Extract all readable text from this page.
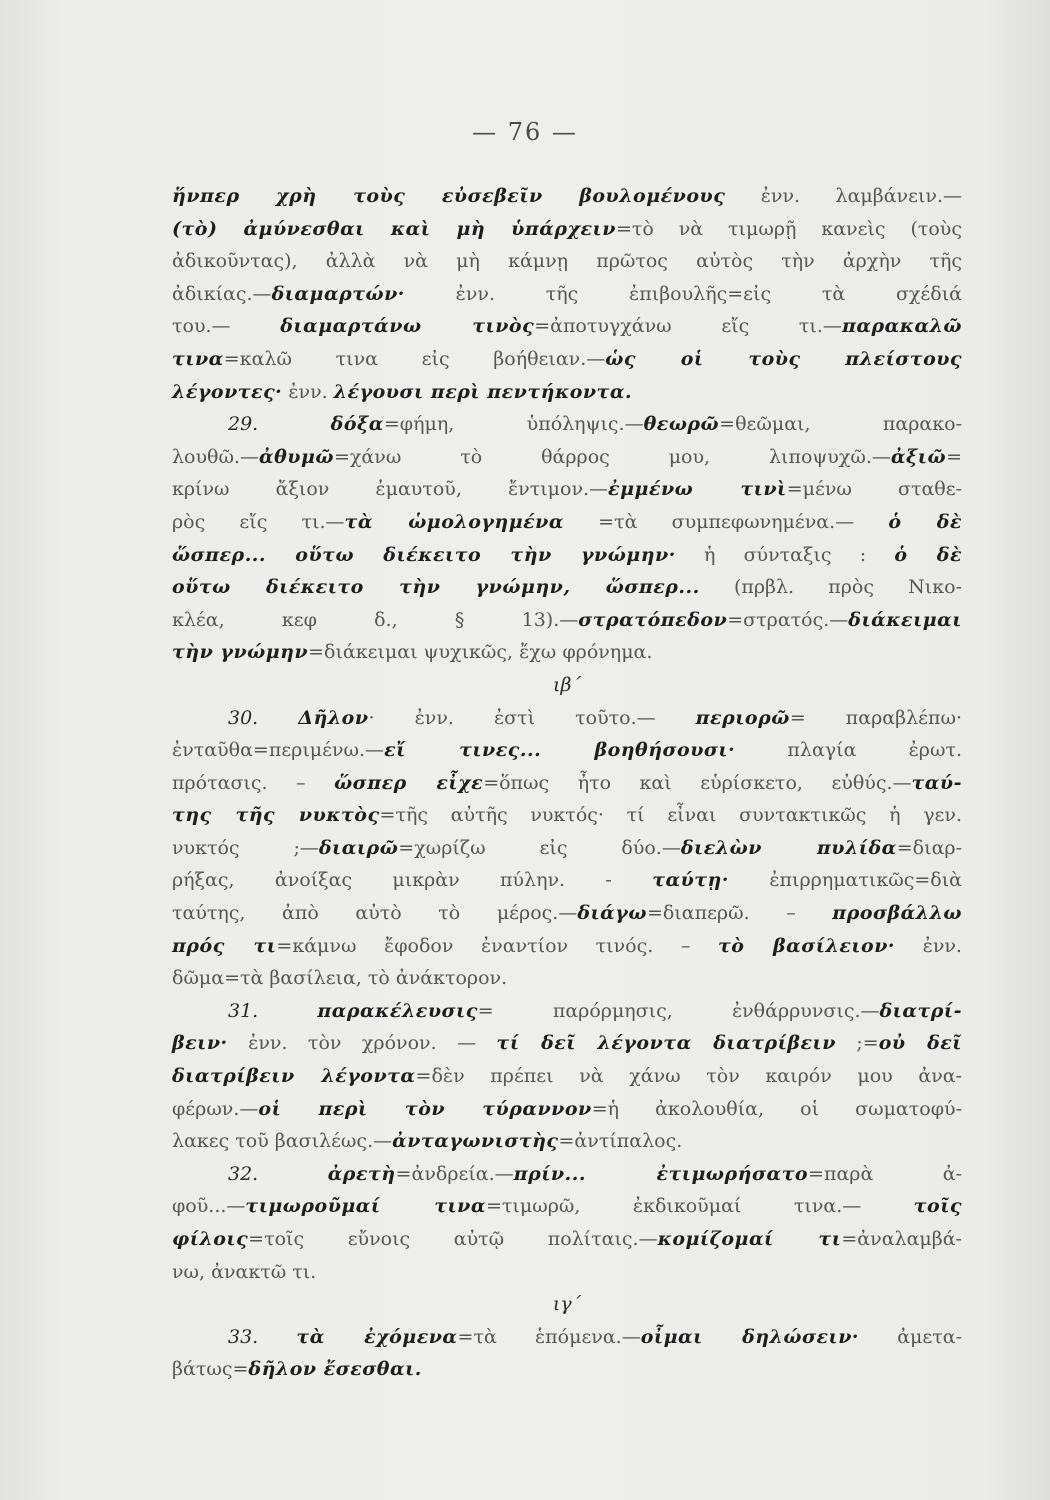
— 76 —
ἥνπερ χρὴ τοὺς εὐσεβεῖν βουλομένους ἐνν. λαμβάνειν.—
(τὸ) ἀμύνεσθαι καὶ μὴ ὑπάρχειν=τὸ νὰ τιμωρῇ κανεὶς (τοὺς
ἀδικοῦντας), ἀλλὰ νὰ μὴ κάμνῃ πρῶτος αὐτὸς τὴν ἀρχὴν τῆς
ἀδικίας.—διαμαρτών· ἐνν. τῆς ἐπιβουλῆς=εἰς τὰ σχέδιά
του.— διαμαρτάνω τινὸς=ἀποτυγχάνω εἴς τι.—παρακαλῶ
τινα=καλῶ τινα εἰς βοήθειαν.—ὡς οἱ τοὺς πλείστους
λέγοντες· ἐνν. λέγουσι περὶ πεντήκοντα.
29.	δόξα=φήμη, ὑπόληψις.—θεωρῶ=θεῶμαι, παρακο-
λουθῶ.—ἀθυμῶ=χάνω τὸ θάρρος μου, λιποψυχῶ.—ἀξιῶ=
κρίνω ἄξιον ἐμαυτοῦ, ἔντιμον.—ἐμμένω τινὶ=μένω σταθε-
ρὸς εἴς τι.—τὰ ὡμολογημένα =τὰ συμπεφωνημένα.— ὁ δὲ
ὥσπερ... οὕτω διέκειτο τὴν γνώμην· ἡ σύνταξις : ὁ δὲ
οὕτω διέκειτο τὴν γνώμην, ὥσπερ... (πρβλ. πρὸς Νικο-
κλέα, κεφ δ., § 13).—στρατόπεδον=στρατός.—διάκειμαι
τὴν γνώμην=διάκειμαι ψυχικῶς, ἔχω φρόνημα.
ιβ´
30. Δῆλον· ἐνν. ἐστὶ τοῦτο.— περιορῶ= παραβλέπω·
ἐνταῦθα=περιμένω.—εἴ τινες... βοηθήσουσι· πλαγία ἐρωτ.
πρότασις. – ὥσπερ εἶχε=ὅπως ἦτο καὶ εὑρίσκετο, εὐθύς.—ταύ-
της τῆς νυκτὸς=τῆς αὐτῆς νυκτός· τί εἶναι συντακτικῶς ἡ γεν.
νυκτός ;—διαιρῶ=χωρίζω εἰς δύο.—διελὼν πυλίδα=διαρ-
ρήξας, ἀνοίξας μικρὰν πύλην. - ταύτῃ· ἐπιρρηματικῶς=διὰ
ταύτης, ἀπὸ αὐτὸ τὸ μέρος.—διάγω=διαπερῶ. – προσβάλλω
πρός τι=κάμνω ἔφοδον ἐναντίον τινός. – τὸ βασίλειον· ἐνν.
δῶμα=τὰ βασίλεια, τὸ ἀνάκτορον.
31.	παρακέλευσις= παρόρμησις, ἐνθάρρυνσις.—διατρί-
βειν· ἐνν. τὸν χρόνον. — τί δεῖ λέγοντα διατρίβειν ;=οὐ δεῖ
διατρίβειν λέγοντα=δὲν πρέπει νὰ χάνω τὸν καιρόν μου ἀνα-
φέρων.—οἱ περὶ τὸν τύραννον=ἡ ἀκολουθία, οἱ σωματοφύ-
λακες τοῦ βασιλέως.—ἀνταγωνιστὴς=ἀντίπαλος.
32.	ἀρετὴ=ἀνδρεία.—πρίν... ἐτιμωρήσατο=παρὰ ἀ-
φοῦ...—τιμωροῦμαί τινα=τιμωρῶ, ἐκδικοῦμαί τινα.— τοῖς
φίλοις=τοῖς εὔνοις αὐτῷ πολίταις.—κομίζομαί τι=ἀναλαμβά-
νω, ἀνακτῶ τι.
ιγ´
33. τὰ ἐχόμενα=τὰ ἑπόμενα.—οἶμαι δηλώσειν· ἀμετα-
βάτως=δῆλον ἔσεσθαι.
